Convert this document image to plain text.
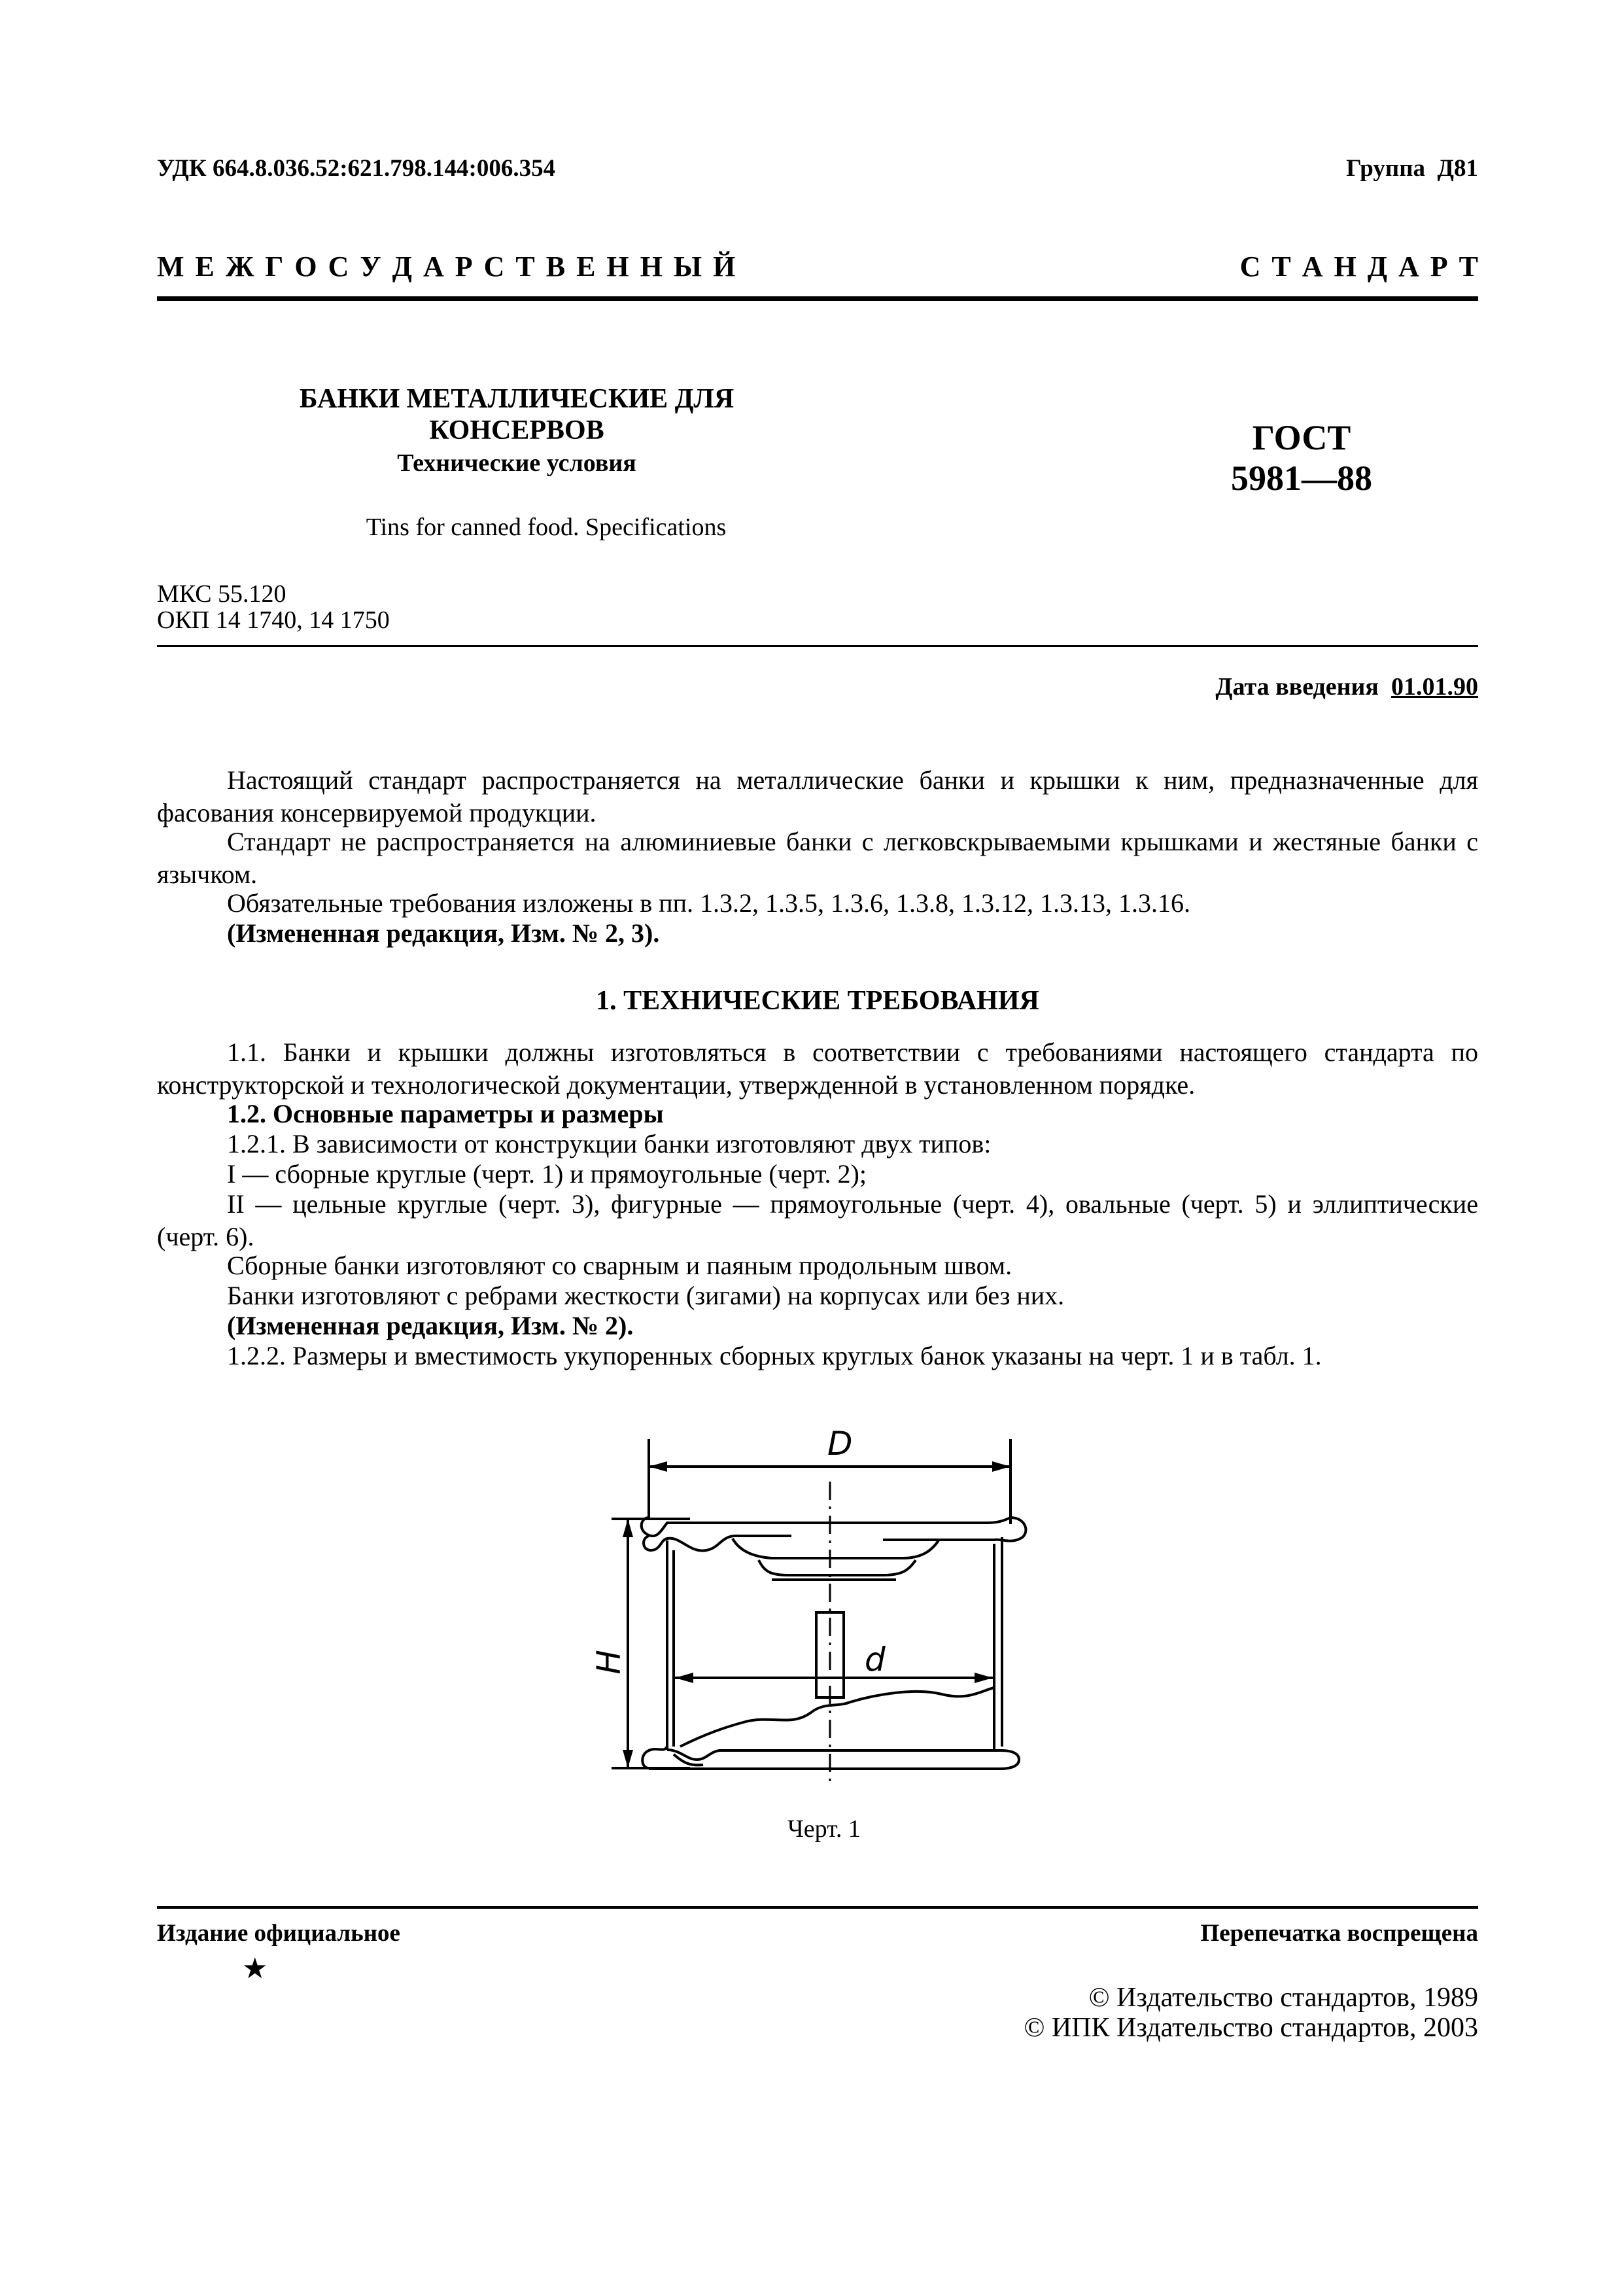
УДК 664.8.036.52:621.798.144:006.354	Группа Д81
М Е Ж Г О С У Д А Р С Т В Е Н Н Ы Й	С Т А Н Д А Р Т
БАНКИ МЕТАЛЛИЧЕСКИЕ ДЛЯ КОНСЕРВОВ
Технические условия
Tins for canned food. Specifications
ГОСТ
5981—88
МКС 55.120
ОКП 14 1740, 14 1750
Дата введения 01.01.90
Настоящий стандарт распространяется на металлические банки и крышки к ним, предназначенные для фасования консервируемой продукции.
Стандарт не распространяется на алюминиевые банки с легковскрываемыми крышками и жестяные банки с язычком.
Обязательные требования изложены в пп. 1.3.2, 1.3.5, 1.3.6, 1.3.8, 1.3.12, 1.3.13, 1.3.16.
(Измененная редакция, Изм. № 2, 3).
1. ТЕХНИЧЕСКИЕ ТРЕБОВАНИЯ
1.1. Банки и крышки должны изготовляться в соответствии с требованиями настоящего стандарта по конструкторской и технологической документации, утвержденной в установленном порядке.
1.2. Основные параметры и размеры
1.2.1. В зависимости от конструкции банки изготовляют двух типов:
I — сборные круглые (черт. 1) и прямоугольные (черт. 2);
II — цельные круглые (черт. 3), фигурные — прямоугольные (черт. 4), овальные (черт. 5) и эллиптические (черт. 6).
Сборные банки изготовляют со сварным и паяным продольным швом.
Банки изготовляют с ребрами жесткости (зигами) на корпусах или без них.
(Измененная редакция, Изм. № 2).
1.2.2. Размеры и вместимость укупоренных сборных круглых банок указаны на черт. 1 и в табл. 1.
D
d
H
Черт. 1
Издание официальное	Перепечатка воспрещена
★
© Издательство стандартов, 1989
© ИПК Издательство стандартов, 2003
